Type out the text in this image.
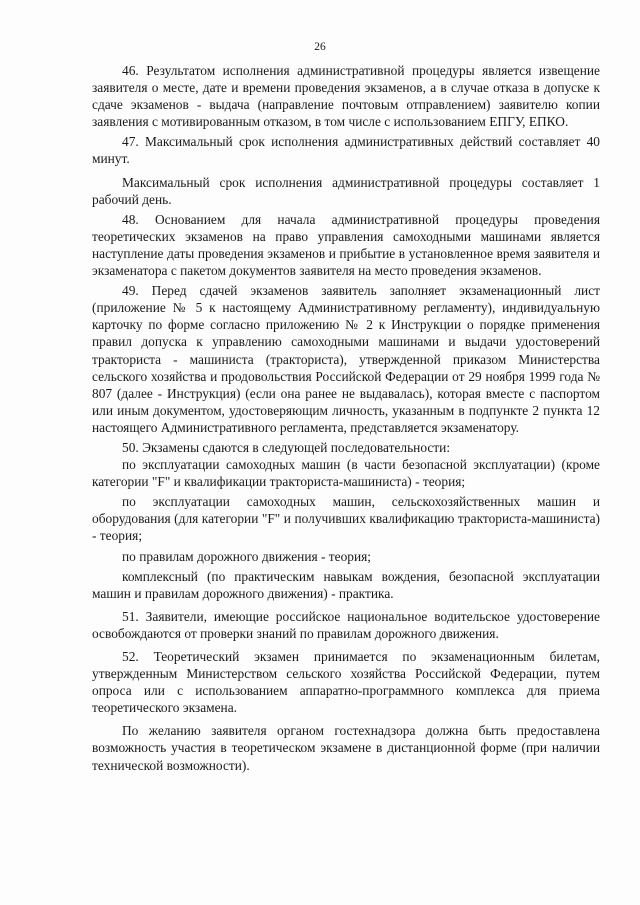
26

46. Результатом исполнения административной процедуры является извещение заявителя о месте, дате и времени проведения экзаменов, а в случае отказа в допуске к сдаче экзаменов - выдача (направление почтовым отправлением) заявителю копии заявления с мотивированным отказом, в том числе с использованием ЕПГУ, ЕПКО.

47. Максимальный срок исполнения административных действий составляет 40 минут.

Максимальный срок исполнения административной процедуры составляет 1 рабочий день.

48. Основанием для начала административной процедуры проведения теоретических экзаменов на право управления самоходными машинами является наступление даты проведения экзаменов и прибытие в установленное время заявителя и экзаменатора с пакетом документов заявителя на место проведения экзаменов.

49. Перед сдачей экзаменов заявитель заполняет экзаменационный лист (приложение № 5 к настоящему Административному регламенту), индивидуальную карточку по форме согласно приложению № 2 к Инструкции о порядке применения правил допуска к управлению самоходными машинами и выдачи удостоверений тракториста - машиниста (тракториста), утвержденной приказом Министерства сельского хозяйства и продовольствия Российской Федерации от 29 ноября 1999 года № 807 (далее - Инструкция) (если она ранее не выдавалась), которая вместе с паспортом или иным документом, удостоверяющим личность, указанным в подпункте 2 пункта 12 настоящего Административного регламента, представляется экзаменатору.

50. Экзамены сдаются в следующей последовательности:

по эксплуатации самоходных машин (в части безопасной эксплуатации) (кроме категории "F" и квалификации тракториста-машиниста) - теория;

по эксплуатации самоходных машин, сельскохозяйственных машин и оборудования (для категории "F" и получивших квалификацию тракториста-машиниста) - теория;

по правилам дорожного движения - теория;

комплексный (по практическим навыкам вождения, безопасной эксплуатации машин и правилам дорожного движения) - практика.

51. Заявители, имеющие российское национальное водительское удостоверение освобождаются от проверки знаний по правилам дорожного движения.

52. Теоретический экзамен принимается по экзаменационным билетам, утвержденным Министерством сельского хозяйства Российской Федерации, путем опроса или с использованием аппаратно-программного комплекса для приема теоретического экзамена.

По желанию заявителя органом гостехнадзора должна быть предоставлена возможность участия в теоретическом экзамене в дистанционной форме (при наличии технической возможности).
